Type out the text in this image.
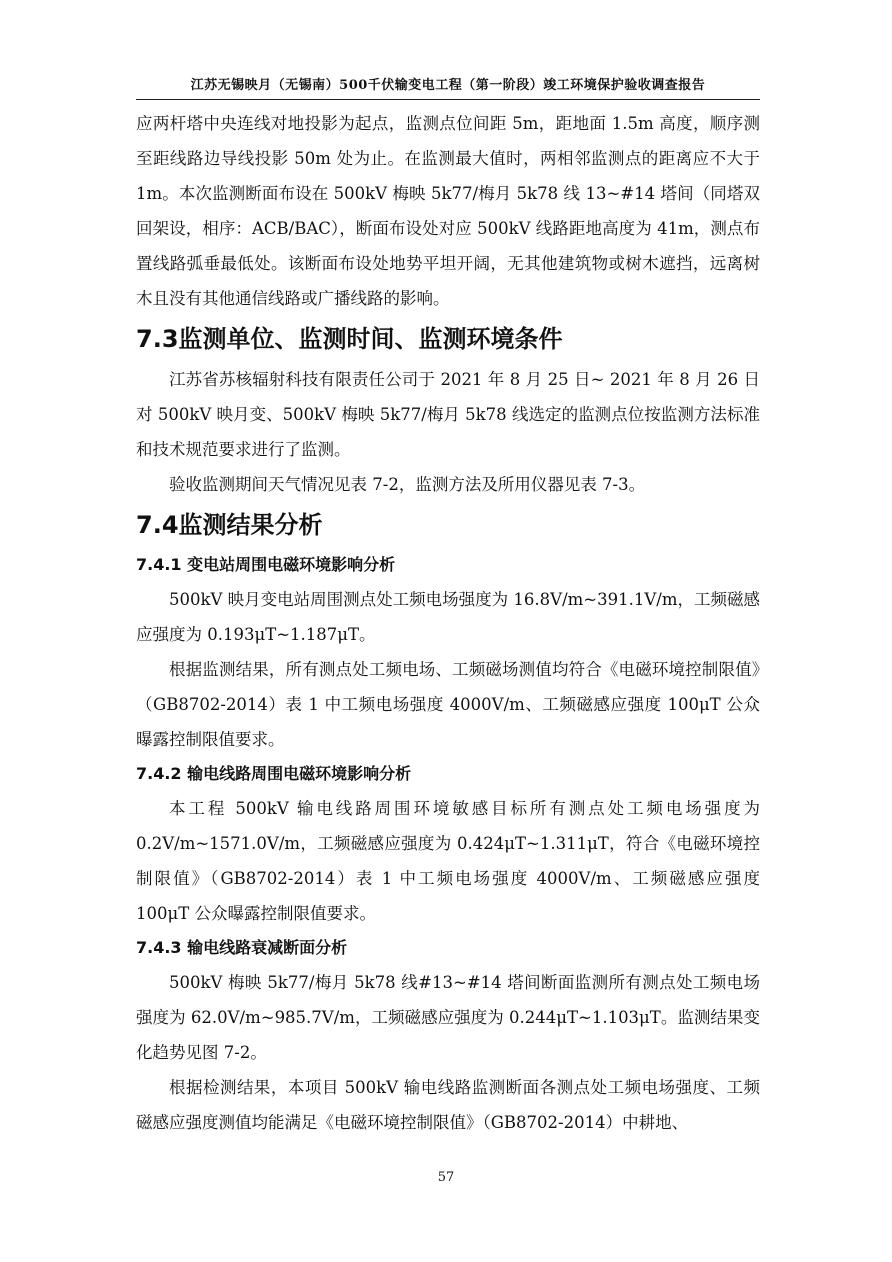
江苏无锡映月（无锡南）500千伏输变电工程（第一阶段）竣工环境保护验收调查报告

应两杆塔中央连线对地投影为起点，监测点位间距 5m，距地面 1.5m 高度，顺序测至距线路边导线投影 50m 处为止。在监测最大值时，两相邻监测点的距离应不大于 1m。本次监测断面布设在 500kV 梅映 5k77/梅月 5k78 线 13~#14 塔间（同塔双回架设，相序：ACB/BAC），断面布设处对应 500kV 线路距地高度为 41m，测点布置线路弧垂最低处。该断面布设处地势平坦开阔，无其他建筑物或树木遮挡，远离树木且没有其他通信线路或广播线路的影响。

7.3监测单位、监测时间、监测环境条件

江苏省苏核辐射科技有限责任公司于 2021 年 8 月 25 日~ 2021 年 8 月 26 日对 500kV 映月变、500kV 梅映 5k77/梅月 5k78 线选定的监测点位按监测方法标准和技术规范要求进行了监测。

验收监测期间天气情况见表 7-2，监测方法及所用仪器见表 7-3。

7.4监测结果分析
7.4.1 变电站周围电磁环境影响分析

500kV 映月变电站周围测点处工频电场强度为 16.8V/m~391.1V/m，工频磁感应强度为 0.193μT~1.187μT。

根据监测结果，所有测点处工频电场、工频磁场测值均符合《电磁环境控制限值》（GB8702-2014）表 1 中工频电场强度 4000V/m、工频磁感应强度 100μT 公众曝露控制限值要求。

7.4.2 输电线路周围电磁环境影响分析

本工程 500kV 输电线路周围环境敏感目标所有测点处工频电场强度为 0.2V/m~1571.0V/m，工频磁感应强度为 0.424μT~1.311μT，符合《电磁环境控制限值》（GB8702-2014）表 1 中工频电场强度 4000V/m、工频磁感应强度 100μT 公众曝露控制限值要求。

7.4.3 输电线路衰减断面分析

500kV 梅映 5k77/梅月 5k78 线#13~#14 塔间断面监测所有测点处工频电场强度为 62.0V/m~985.7V/m，工频磁感应强度为 0.244μT~1.103μT。监测结果变化趋势见图 7-2。

根据检测结果，本项目 500kV 输电线路监测断面各测点处工频电场强度、工频磁感应强度测值均能满足《电磁环境控制限值》（GB8702-2014）中耕地、

57
